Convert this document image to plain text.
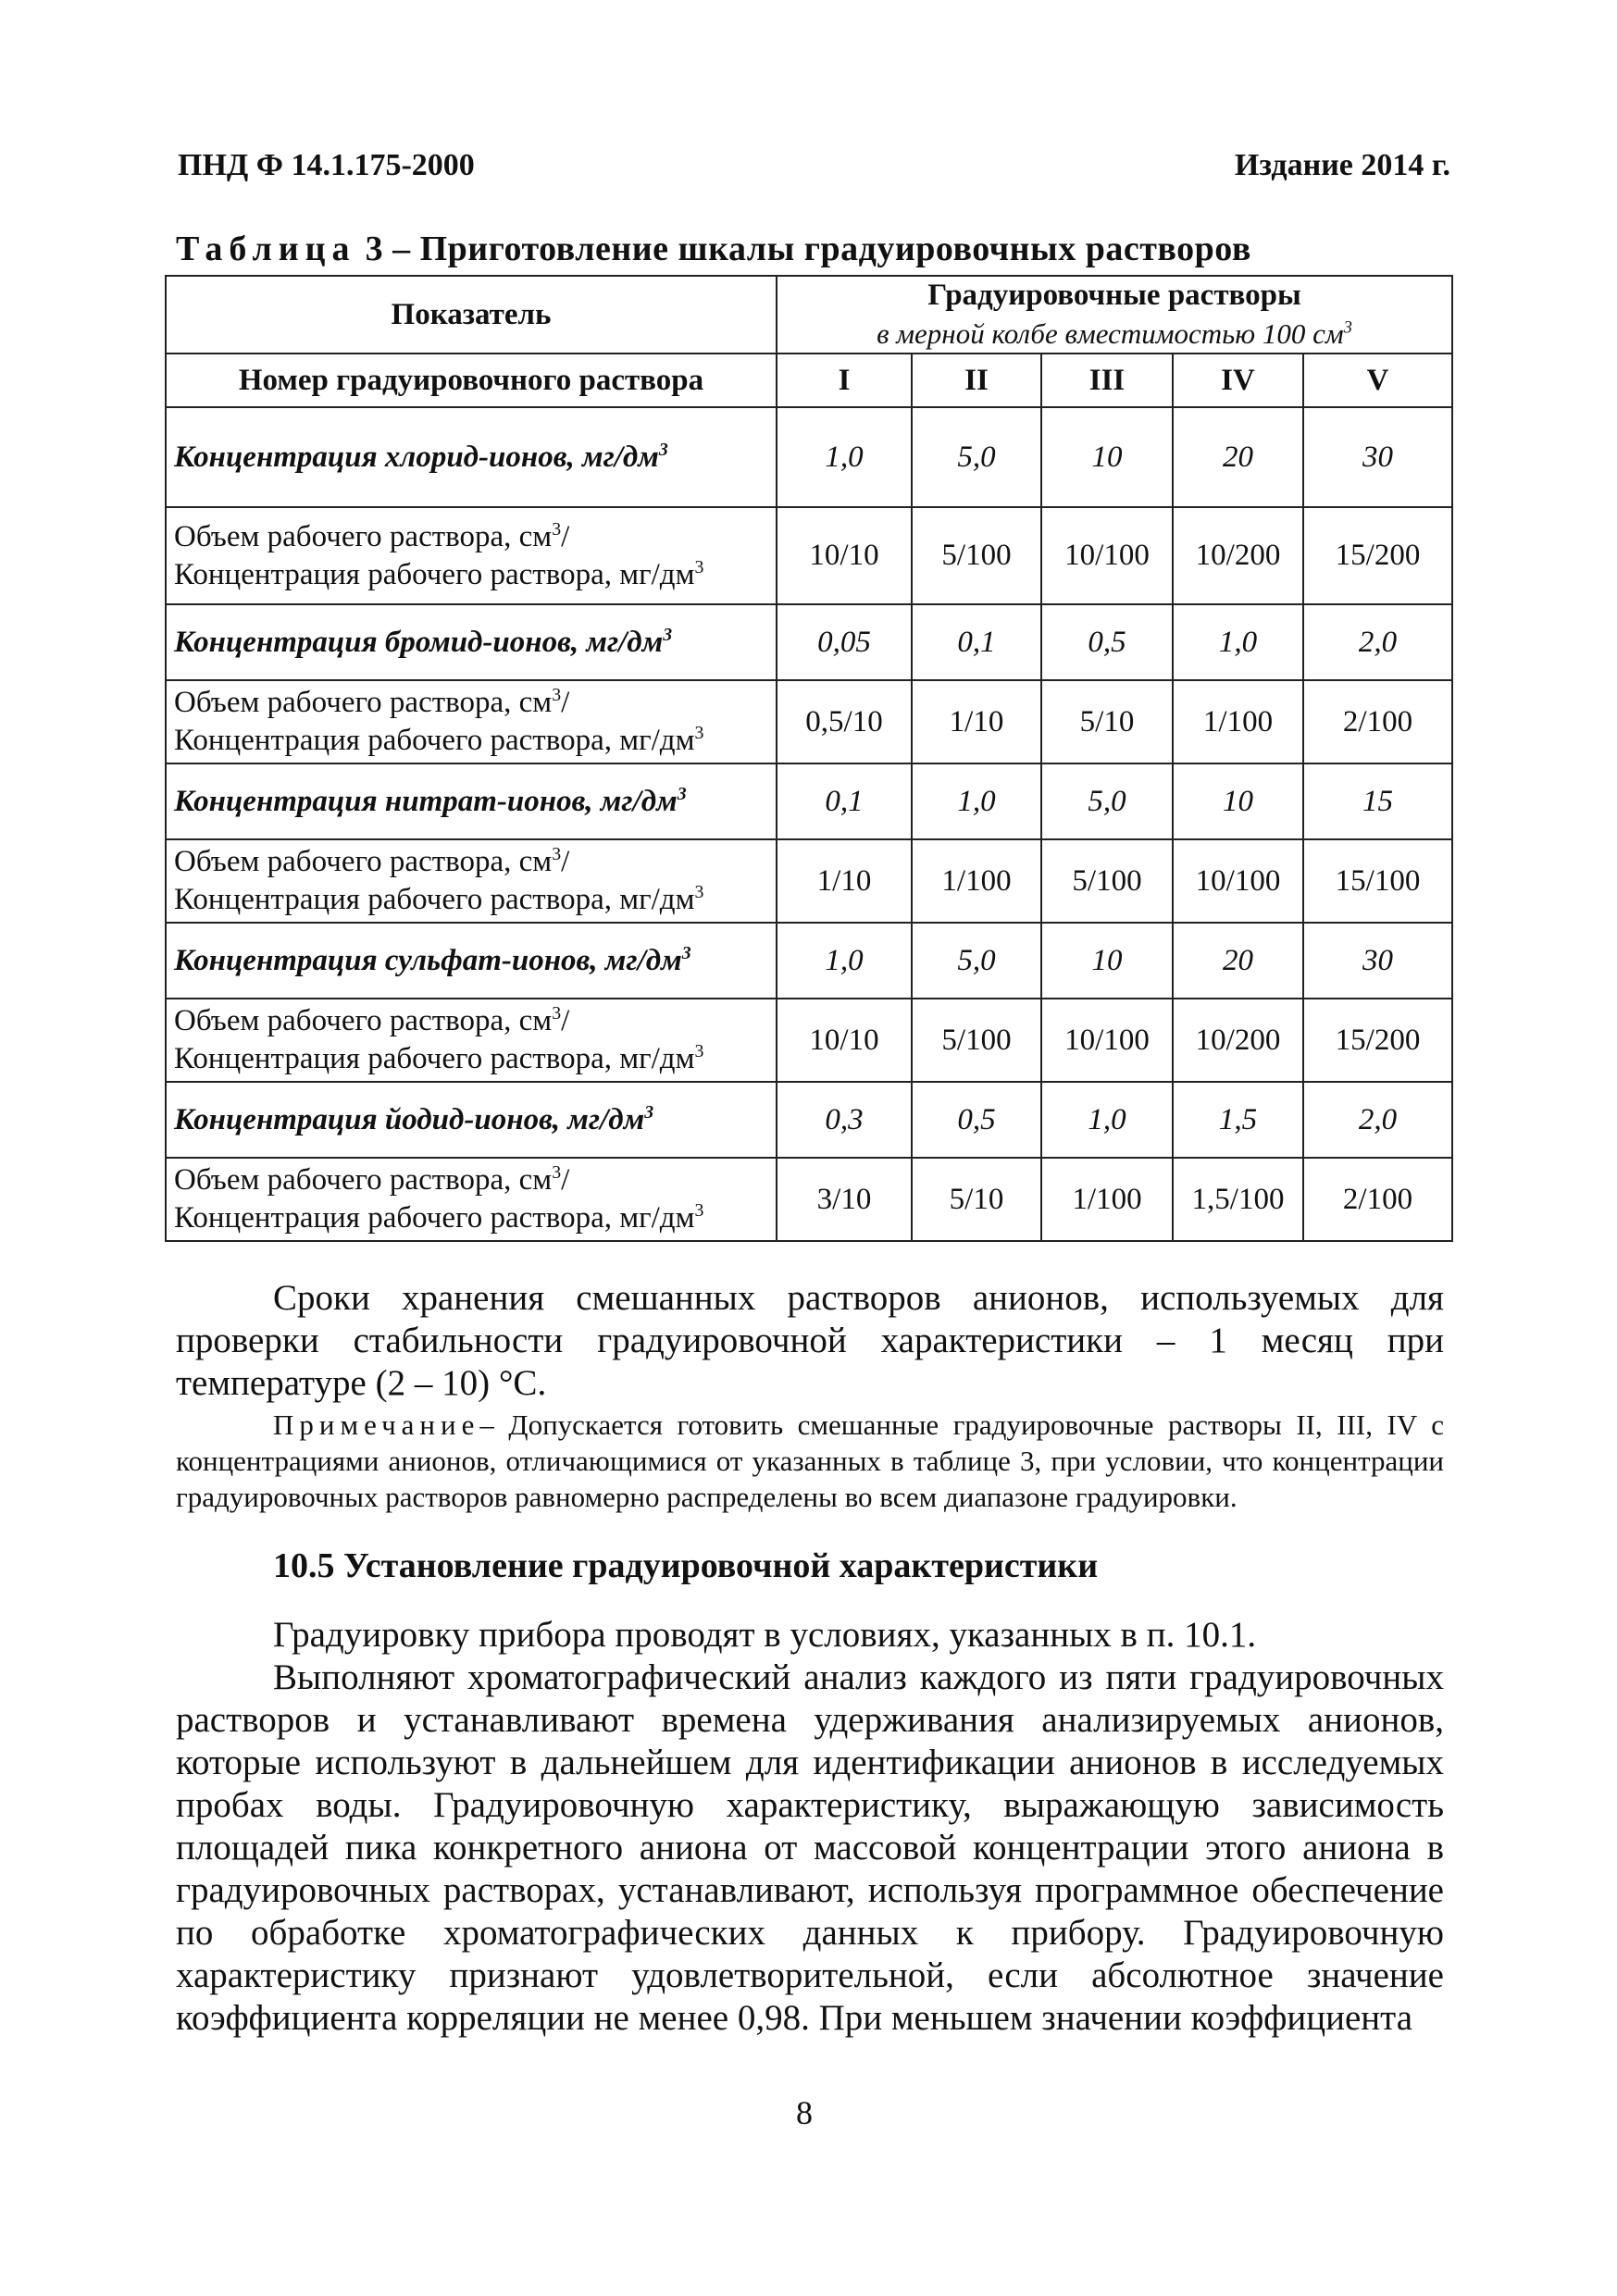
ПНД Ф 14.1.175-2000	Издание 2014 г.
Таблица 3 – Приготовление шкалы градуировочных растворов
Показатель	Градуировочные растворы
в мерной колбе вместимостью 100 $см^3$

Номер градуировочного раствора	I	II	III	IV	V
Концентрация хлорид-ионов, $мг/дм^3$	1,0	5,0	10	20	30
Объем рабочего раствора, $см^3/$
Концентрация рабочего раствора, $мг/дм^3$	10/10	5/100	10/100	10/200	15/200
Концентрация бромид-ионов, $мг/дм^3$	0,05	0,1	0,5	1,0	2,0
Объем рабочего раствора, $см^3/$
Концентрация рабочего раствора, $мг/дм^3$	0,5/10	1/10	5/10	1/100	2/100
Концентрация нитрат-ионов, $мг/дм^3$	0,1	1,0	5,0	10	15
Объем рабочего раствора, $см^3/$
Концентрация рабочего раствора, $мг/дм^3$	1/10	1/100	5/100	10/100	15/100
Концентрация сульфат-ионов, $мг/дм^3$	1,0	5,0	10	20	30
Объем рабочего раствора, $см^3/$
Концентрация рабочего раствора, $мг/дм^3$	10/10	5/100	10/100	10/200	15/200
Концентрация йодид-ионов, $мг/дм^3$	0,3	0,5	1,0	1,5	2,0
Объем рабочего раствора, $см^3/$
Концентрация рабочего раствора, $мг/дм^3$	3/10	5/10	1/100	1,5/100	2/100
Сроки хранения смешанных растворов анионов, используемых для проверки стабильности градуировочной характеристики – 1 месяц при температуре (2 – 10) °С.
Примечание– Допускается готовить смешанные градуировочные растворы II, III, IV с концентрациями анионов, отличающимися от указанных в таблице 3, при условии, что концентрации градуировочных растворов равномерно распределены во всем диапазоне градуировки.
10.5 Установление градуировочной характеристики
Градуировку прибора проводят в условиях, указанных в п. 10.1.
Выполняют хроматографический анализ каждого из пяти градуировочных растворов и устанавливают времена удерживания анализируемых анионов, которые используют в дальнейшем для идентификации анионов в исследуемых пробах воды. Градуировочную характеристику, выражающую зависимость площадей пика конкретного аниона от массовой концентрации этого аниона в градуировочных растворах, устанавливают, используя программное обеспечение по обработке хроматографических данных к прибору. Градуировочную характеристику признают удовлетворительной, если абсолютное значение коэффициента корреляции не менее 0,98. При меньшем значении коэффициента
8
